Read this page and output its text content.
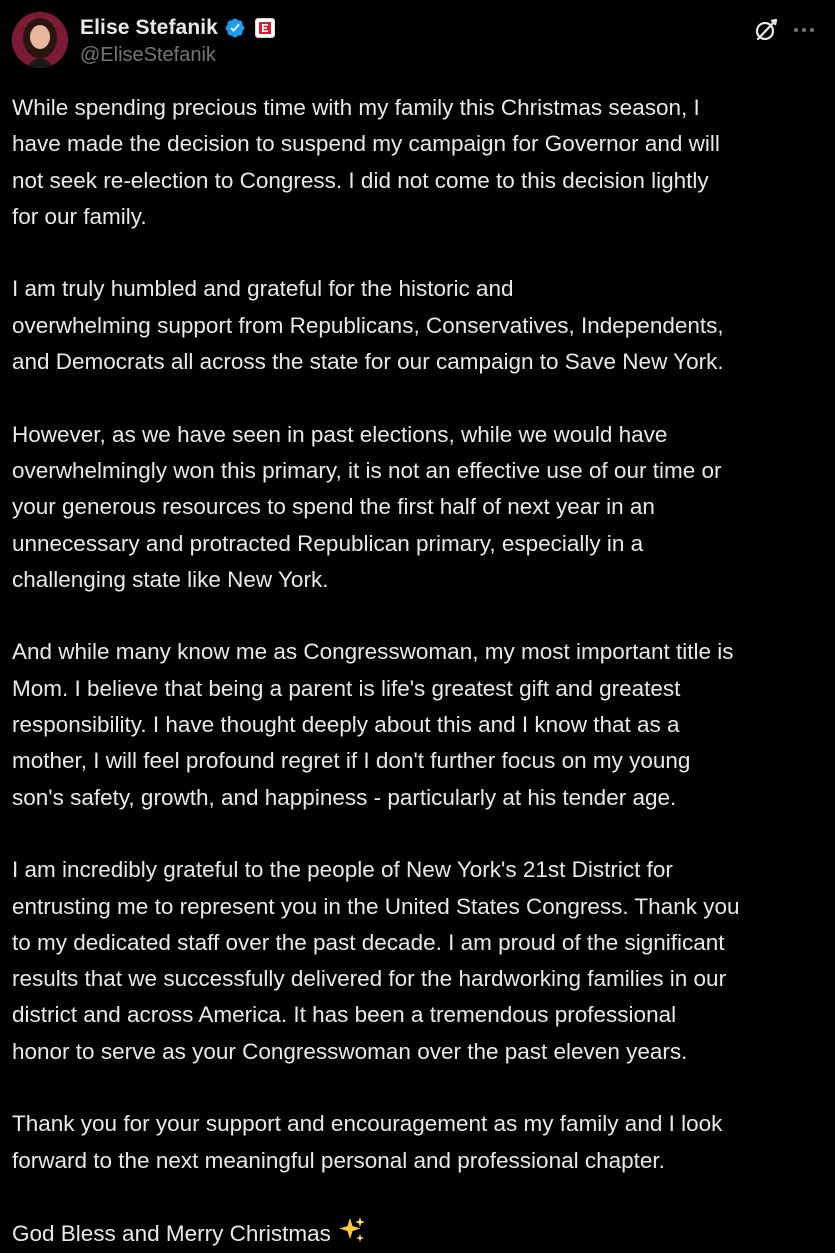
Elise Stefanik
@EliseStefanik

While spending precious time with my family this Christmas season, I
have made the decision to suspend my campaign for Governor and will
not seek re-election to Congress. I did not come to this decision lightly
for our family.

I am truly humbled and grateful for the historic and
overwhelming support from Republicans, Conservatives, Independents,
and Democrats all across the state for our campaign to Save New York.

However, as we have seen in past elections, while we would have
overwhelmingly won this primary, it is not an effective use of our time or
your generous resources to spend the first half of next year in an
unnecessary and protracted Republican primary, especially in a
challenging state like New York.

And while many know me as Congresswoman, my most important title is
Mom. I believe that being a parent is life's greatest gift and greatest
responsibility. I have thought deeply about this and I know that as a
mother, I will feel profound regret if I don't further focus on my young
son's safety, growth, and happiness - particularly at his tender age.

I am incredibly grateful to the people of New York's 21st District for
entrusting me to represent you in the United States Congress. Thank you
to my dedicated staff over the past decade. I am proud of the significant
results that we successfully delivered for the hardworking families in our
district and across America. It has been a tremendous professional
honor to serve as your Congresswoman over the past eleven years.

Thank you for your support and encouragement as my family and I look
forward to the next meaningful personal and professional chapter.

God Bless and Merry Christmas
